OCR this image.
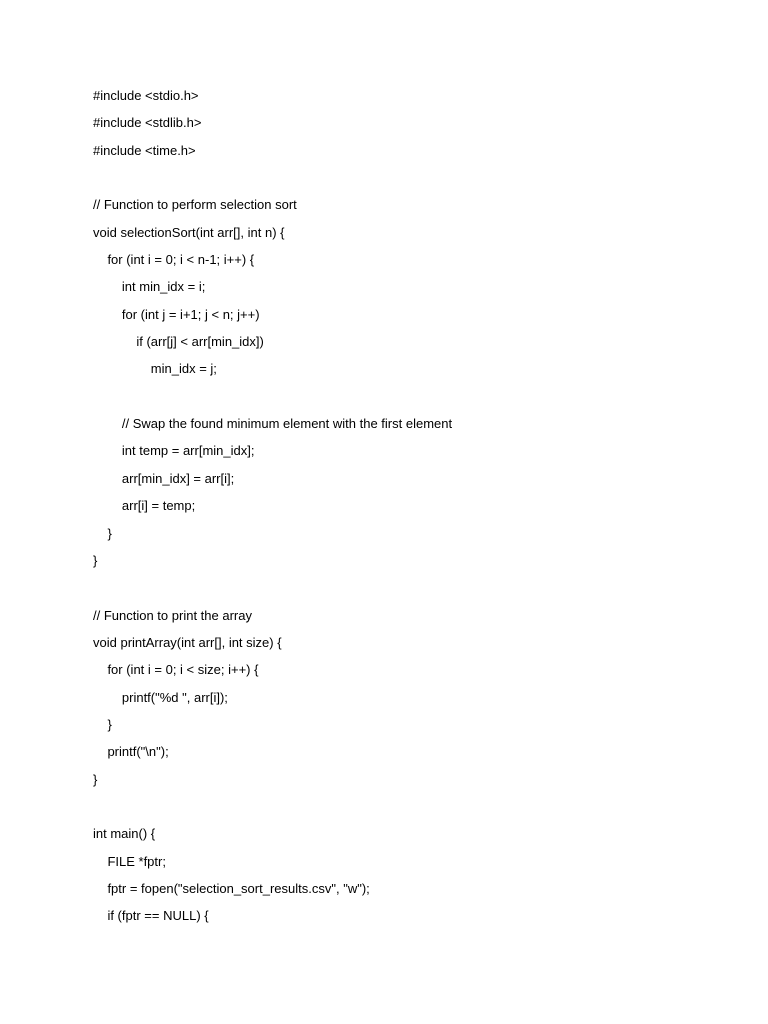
#include <stdio.h>
#include <stdlib.h>
#include <time.h>
// Function to perform selection sort
void selectionSort(int arr[], int n) {
for (int i = 0; i < n-1; i++) {
int min_idx = i;
for (int j = i+1; j < n; j++)
if (arr[j] < arr[min_idx])
min_idx = j;
// Swap the found minimum element with the first element
int temp = arr[min_idx];
arr[min_idx] = arr[i];
arr[i] = temp;
}
}
// Function to print the array
void printArray(int arr[], int size) {
for (int i = 0; i < size; i++) {
printf("%d ", arr[i]);
}
printf("\n");
}
int main() {
FILE *fptr;
fptr = fopen("selection_sort_results.csv", "w");
if (fptr == NULL) {
